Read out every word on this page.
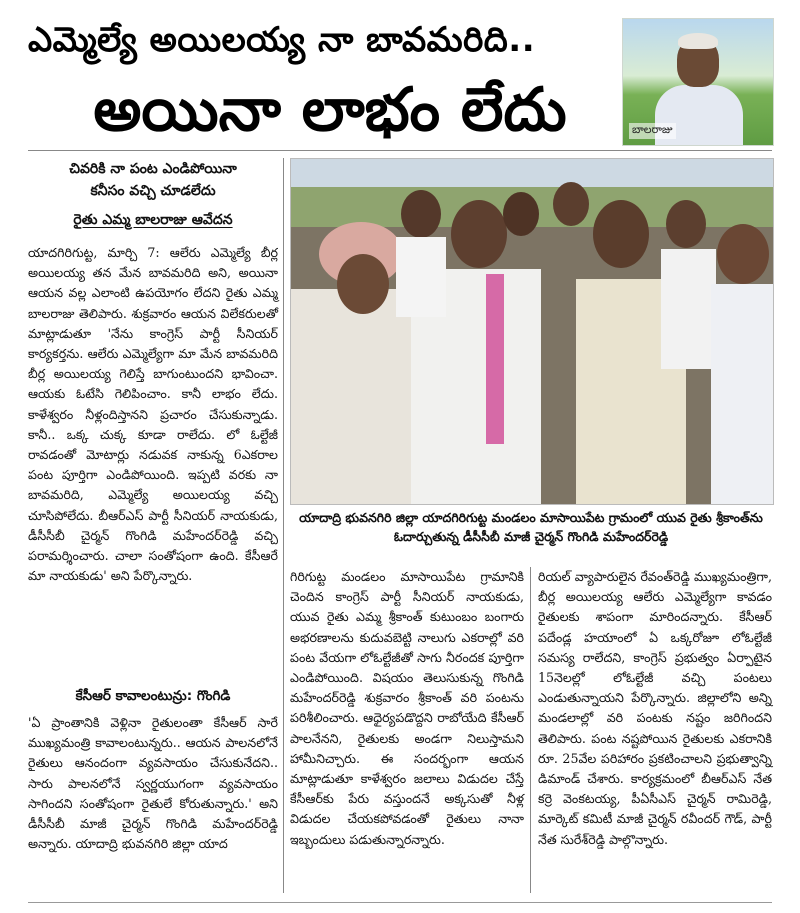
ఎమ్మెల్యే అయిలయ్య నా బావమరిది..
అయినా లాభం లేదు	బాలరాజు
చివరికి నా పంట ఎండిపోయినా
కనీసం వచ్చి చూడలేదు
రైతు ఎమ్మ బాలరాజు ఆవేదన
యాదగిరిగుట్ట, మార్చి 7: ఆలేరు ఎమ్మెల్యే బీర్ల అయిలయ్య తన మేన బావమరిది అని, అయినా ఆయన వల్ల ఎలాంటి ఉపయోగం లేదని రైతు ఎమ్మ బాలరాజు తెలిపారు. శుక్రవారం ఆయన విలేకరులతో మాట్లాడుతూ 'నేను కాంగ్రెస్ పార్టీ సీనియర్ కార్యకర్తను. ఆలేరు ఎమ్మెల్యేగా మా మేన బావమరిది బీర్ల అయిలయ్య గెలిస్తే బాగుంటుందని భావించా. ఆయకు ఓటేసి గెలిపించాం. కానీ లాభం లేదు. కాళేశ్వరం నీళ్లందిస్తానని ప్రచారం చేసుకున్నాడు. కానీ.. ఒక్క చుక్క కూడా రాలేదు. లో ఓల్టేజీ రావడంతో మోటార్లు నడువక నాకున్న 6ఎకరాల పంట పూర్తిగా ఎండిపోయింది. ఇప్పటి వరకు నా బావమరిది, ఎమ్మెల్యే అయిలయ్య వచ్చి చూసిపోలేదు. బీఆర్‌ఎస్ పార్టీ సీనియర్ నాయకుడు, డీసీసీబీ చైర్మన్ గొంగిడి మహేందర్‌రెడ్డి వచ్చి పరామర్శించారు. చాలా సంతోషంగా ఉంది. కేసీఆరే మా నాయకుడు' అని పేర్కొన్నారు.
కేసీఆర్ కావాలంటున్రు: గొంగిడి
'ఏ ప్రాంతానికి వెళ్లినా రైతులంతా కేసీఆర్ సారే ముఖ్యమంత్రి కావాలంటున్నరు.. ఆయన పాలనలోనే రైతులు ఆనందంగా వ్యవసాయం చేసుకునేదని.. సారు పాలనలోనే స్వర్ణయుగంగా వ్యవసాయం సాగిందని సంతోషంగా రైతులే కోరుతున్నారు.' అని డీసీసీబీ మాజీ చైర్మన్ గొంగిడి మహేందర్‌రెడ్డి అన్నారు. యాదాద్రి భువనగిరి జిల్లా యాద
యాదాద్రి భువనగిరి జిల్లా యాదగిరిగుట్ట మండలం మాసాయిపేట గ్రామంలో యువ రైతు శ్రీకాంత్‌ను ఓదార్చుతున్న డీసీసీబీ మాజీ చైర్మన్ గొంగిడి మహేందర్‌రెడ్డి
గిరిగుట్ట మండలం మాసాయిపేట గ్రామానికి చెందిన కాంగ్రెస్ పార్టీ సీనియర్ నాయకుడు, యువ రైతు ఎమ్మ శ్రీకాంత్ కుటుంబం బంగారు అభరణాలను కుదువబెట్టి నాలుగు ఎకరాల్లో వరి పంట వేయగా లోఓల్టేజీతో సాగు నీరందక పూర్తిగా ఎండిపోయింది. విషయం తెలుసుకున్న గొంగిడి మహేందర్‌రెడ్డి శుక్రవారం శ్రీకాంత్ వరి పంటను పరిశీలించారు. ఆధైర్యపడొద్దని రాబోయేది కేసీఆర్ పాలనేనని, రైతులకు అండగా నిలుస్తామని హామీనిచ్చారు. ఈ సందర్భంగా ఆయన మాట్లాడుతూ కాళేశ్వరం జలాలు విడుదల చేస్తే కేసీఆర్‌కు పేరు వస్తుందనే అక్కసుతో నీళ్ల విడుదల చేయకపోవడంతో రైతులు నానా ఇబ్బందులు పడుతున్నారన్నారు.
రియల్ వ్యాపారులైన రేవంత్‌రెడ్డి ముఖ్యమంత్రిగా, బీర్ల అయిలయ్య ఆలేరు ఎమ్మెల్యేగా కావడం రైతులకు శాపంగా మారిందన్నారు. కేసీఆర్ పదేండ్ల హయాంలో ఏ ఒక్కరోజూ లోఓల్టేజీ సమస్య రాలేదని, కాంగ్రెస్ ప్రభుత్వం ఏర్పాటైన 15నెలల్లో లోఓల్టేజీ వచ్చి పంటలు ఎండుతున్నాయని పేర్కొన్నారు. జిల్లాలోని అన్ని మండలాల్లో వరి పంటకు నష్టం జరిగిందని తెలిపారు. పంట నష్టపోయిన రైతులకు ఎకరానికి రూ. 25వేల పరిహారం ప్రకటించాలని ప్రభుత్వాన్ని డిమాండ్ చేశారు. కార్యక్రమంలో బీఆర్‌ఎస్ నేత కర్రె వెంకటయ్య, పీఏసీఎస్ చైర్మన్ రామిరెడ్డి, మార్కెట్ కమిటీ మాజీ చైర్మన్ రవీందర్ గౌడ్, పార్టీ నేత సురేశ్‌రెడ్డి పాల్గొన్నారు.
